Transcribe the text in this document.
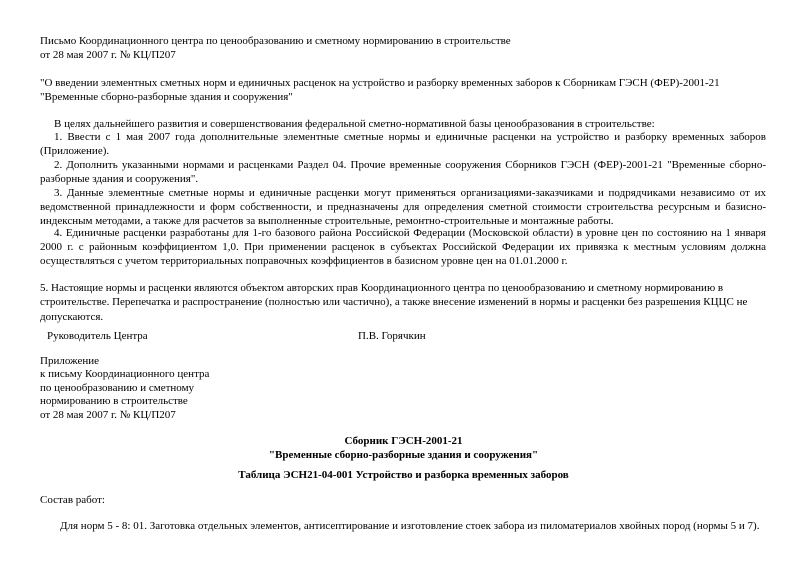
Письмо Координационного центра по ценообразованию и сметному нормированию в строительстве
от 28 мая 2007 г. № КЦ/П207
"О введении элементных сметных норм и единичных расценок на устройство и разборку временных заборов к Сборникам ГЭСН (ФЕР)-2001-21
"Временные сборно-разборные здания и сооружения"
В целях дальнейшего развития и совершенствования федеральной сметно-нормативной базы ценообразования в строительстве:
1. Ввести с 1 мая 2007 года дополнительные элементные сметные нормы и единичные расценки на устройство и разборку временных заборов (Приложение).
2. Дополнить указанными нормами и расценками Раздел 04. Прочие временные сооружения Сборников ГЭСН (ФЕР)-2001-21 "Временные сборно-разборные здания и сооружения".
3. Данные элементные сметные нормы и единичные расценки могут применяться организациями-заказчиками и подрядчиками независимо от их ведомственной принадлежности и форм собственности, и предназначены для определения сметной стоимости строительства ресурсным и базисно-индексным методами, а также для расчетов за выполненные строительные, ремонтно-строительные и монтажные работы.
4. Единичные расценки разработаны для 1-го базового района Российской Федерации (Московской области) в уровне цен по состоянию на 1 января 2000 г. с районным коэффициентом 1,0. При применении расценок в субъектах Российской Федерации их привязка к местным условиям должна осуществляться с учетом территориальных поправочных коэффициентов в базисном уровне цен на 01.01.2000 г.
5. Настоящие нормы и расценки являются объектом авторских прав Координационного центра по ценообразованию и сметному нормированию в строительстве. Перепечатка и распространение (полностью или частично), а также внесение изменений в нормы и расценки без разрешения КЦЦС не допускаются.
Руководитель Центра	П.В. Горячкин
Приложение
к письму Координационного центра
по ценообразованию и сметному
нормированию в строительстве
от 28 мая 2007 г. № КЦ/П207
Сборник ГЭСН-2001-21
"Временные сборно-разборные здания и сооружения"
Таблица ЭСН21-04-001 Устройство и разборка временных заборов
Состав работ:
Для норм 5 - 8: 01. Заготовка отдельных элементов, антисептирование и изготовление стоек забора из пиломатериалов хвойных пород (нормы 5 и 7).
